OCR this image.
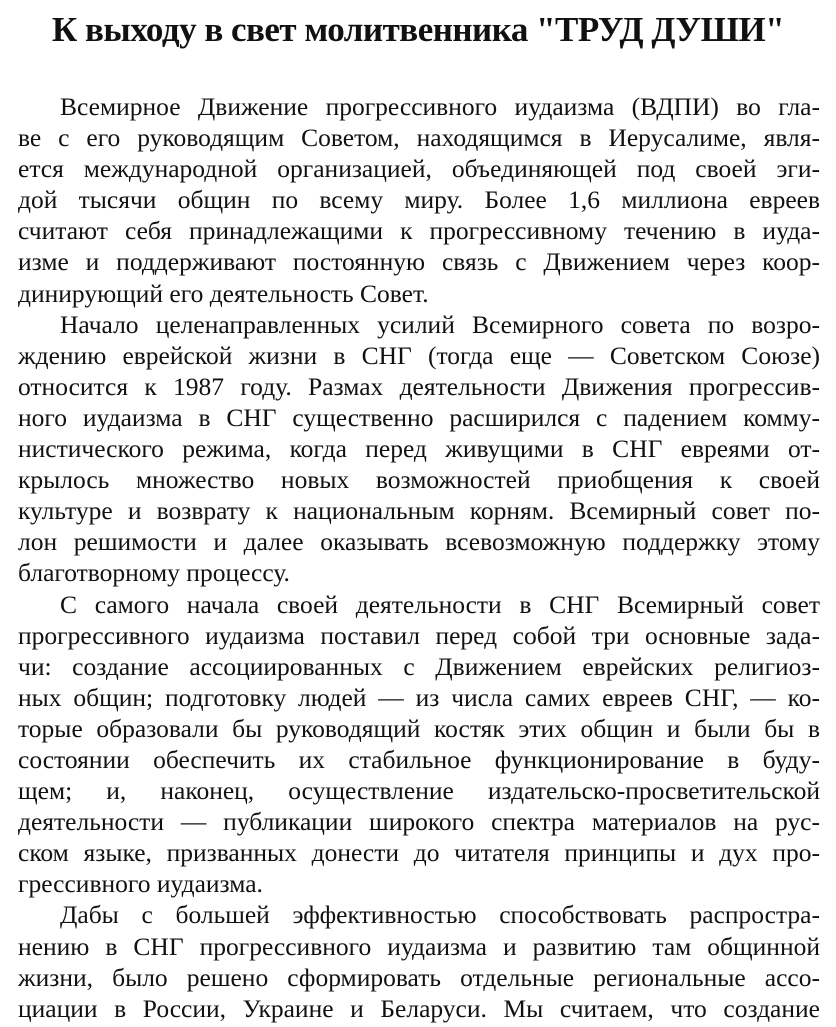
К выходу в свет молитвенника "ТРУД ДУШИ"

Всемирное Движение прогрессивного иудаизма (ВДПИ) во гла-
ве с его руководящим Советом, находящимся в Иерусалиме, явля-
ется международной организацией, объединяющей под своей эги-
дой тысячи общин по всему миру. Более 1,6 миллиона евреев
считают себя принадлежащими к прогрессивному течению в иуда-
изме и поддерживают постоянную связь с Движением через коор-
динирующий его деятельность Совет.

Начало целенаправленных усилий Всемирного совета по возро-
ждению еврейской жизни в СНГ (тогда еще — Советском Союзе)
относится к 1987 году. Размах деятельности Движения прогрессив-
ного иудаизма в СНГ существенно расширился с падением комму-
нистического режима, когда перед живущими в СНГ евреями от-
крылось множество новых возможностей приобщения к своей
культуре и возврату к национальным корням. Всемирный совет по-
лон решимости и далее оказывать всевозможную поддержку этому
благотворному процессу.

С самого начала своей деятельности в СНГ Всемирный совет
прогрессивного иудаизма поставил перед собой три основные зада-
чи: создание ассоциированных с Движением еврейских религиоз-
ных общин; подготовку людей — из числа самих евреев СНГ, — ко-
торые образовали бы руководящий костяк этих общин и были бы в
состоянии обеспечить их стабильное функционирование в буду-
щем; и, наконец, осуществление издательско-просветительской
деятельности — публикации широкого спектра материалов на рус-
ском языке, призванных донести до читателя принципы и дух про-
грессивного иудаизма.

Дабы с большей эффективностью способствовать распростра-
нению в СНГ прогрессивного иудаизма и развитию там общинной
жизни, было решено сформировать отдельные региональные ассо-
циации в России, Украине и Беларуси. Мы считаем, что создание
